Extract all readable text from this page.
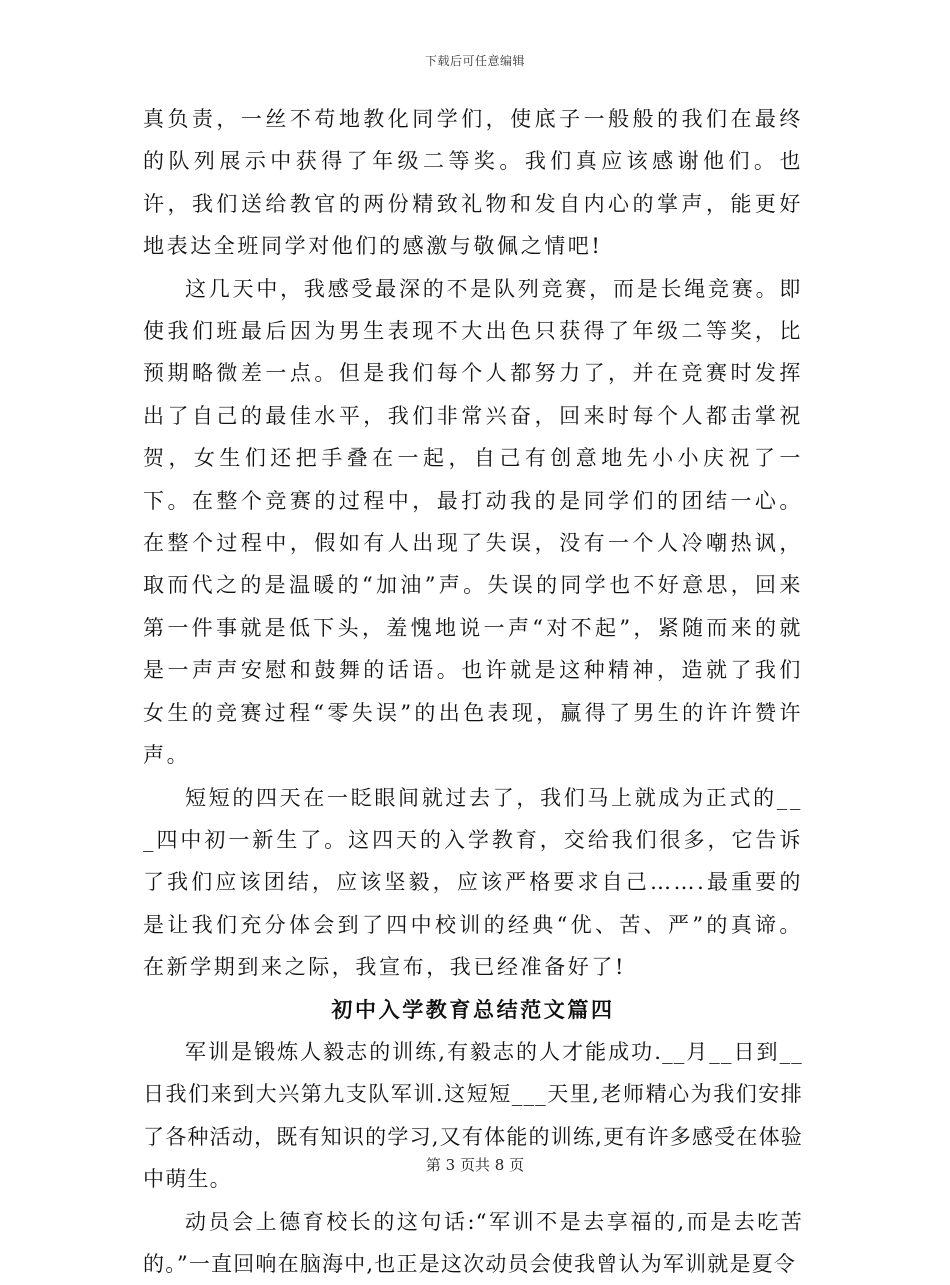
下载后可任意编辑

真负责，一丝不苟地教化同学们，使底子一般般的我们在最终的队列展示中获得了年级二等奖。我们真应该感谢他们。也许，我们送给教官的两份精致礼物和发自内心的掌声，能更好地表达全班同学对他们的感激与敬佩之情吧!

这几天中，我感受最深的不是队列竞赛，而是长绳竞赛。即使我们班最后因为男生表现不大出色只获得了年级二等奖，比预期略微差一点。但是我们每个人都努力了，并在竞赛时发挥出了自己的最佳水平，我们非常兴奋，回来时每个人都击掌祝贺，女生们还把手叠在一起，自己有创意地先小小庆祝了一下。在整个竞赛的过程中，最打动我的是同学们的团结一心。在整个过程中，假如有人出现了失误，没有一个人冷嘲热讽，取而代之的是温暖的“加油”声。失误的同学也不好意思，回来第一件事就是低下头，羞愧地说一声“对不起”，紧随而来的就是一声声安慰和鼓舞的话语。也许就是这种精神，造就了我们女生的竞赛过程“零失误”的出色表现，赢得了男生的许许赞许声。

短短的四天在一眨眼间就过去了，我们马上就成为正式的___四中初一新生了。这四天的入学教育，交给我们很多，它告诉了我们应该团结，应该坚毅，应该严格要求自己…….最重要的是让我们充分体会到了四中校训的经典“优、苦、严”的真谛。在新学期到来之际，我宣布，我已经准备好了!

初中入学教育总结范文篇四

军训是锻炼人毅志的训练,有毅志的人才能成功.__月__日到__日我们来到大兴第九支队军训.这短短___天里,老师精心为我们安排了各种活动，既有知识的学习,又有体能的训练,更有许多感受在体验中萌生。

动员会上德育校长的这句话:“军训不是去享福的,而是去吃苦的。”一直回响在脑海中,也正是这次动员会使我曾认为军训就是夏令

第 3 页共 8 页
